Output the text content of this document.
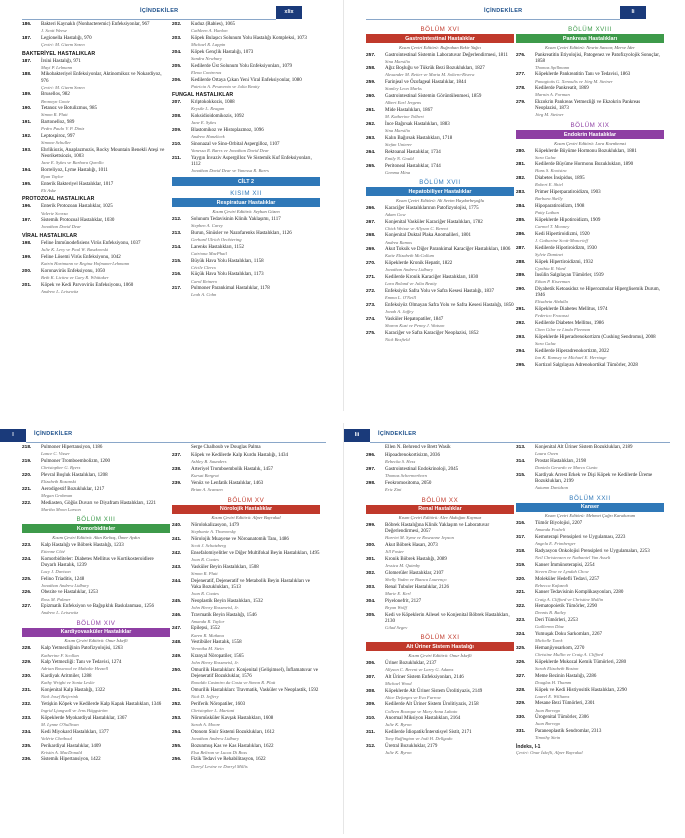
İÇİNDEKİLER	xlix
186. Bakteri Kaynaklı (Nonbacteremic) Enfeksiyonlar, 967
J. Scott Weese
187. Legionella Hastalığı, 970
Çeviri: M. Gizem Sezen
BAKTERİYEL HASTALIKLAR
187. İrsini Hastalığı, 971
Mayi P. Lelmann
188. Mikobakteriyel Enfeksiyonlar, Aktinomikoz ve Nokardiyoz, 976
Çeviri: M. Gizem Sezen
189. Brusellos, 982
Bronwyn Goote
190. Tetanoz ve Botulizmus, 985
Simon R. Platt
191. Bartonelloz, 989
Pedro Paulo V. P. Diniz
192. Leptospiroz, 997
Simone Schuller
193. Ehrlikiozis, Anaplazmozis, Rocky Mountain Benekli Ateşi ve Neorikettsiozis, 1003
Jane E. Sykes ve Barbara Qurollo
194. Borreliyoz, Lyme Hastalığı, 1011
Ryan Taylor
195. Enterik Bakteriyel Hastalıklar, 1017
Eli Aske
PROTOZOAL HASTALIKLAR
196. Enterik Protozoan Hastalıklar, 1025
Valerie Scorza
197. Sistemik Protozoal Hastalıklar, 1030
Jonathan David Dear
VİRAL HASTALIKLAR
198. Feline İmmünodefisiens Virüs Enfeksiyonu, 1037
Julie K. Levy ve Paul W. Baszkowski
199. Feline Lösemi Virüs Enfeksiyonu, 1042
Katrin Hartmann ve Regina Hofmann-Lehmann
200. Koronavirüs Enfeksiyonu, 1050
Beth K. Licitra ve Gary R. Whittaker
201. Köpek ve Kedi Parvovirüs Enfeksiyonu, 1060
Andrew L. Leisewitz
202. Kuduz (Rabies), 1065
Cathleen A. Hanlon
203. Köpek Bulaşıcı Solunum Yolu Hastalığı Kompleksi, 1073
Michael R. Lappin
204. Köpek Gençlik Hastalığı, 1073
Sandra Newbury
205. Kedilerde Üst Solunum Yolu Enfeksiyonları, 1079
Elena Contreras
206. Kedilerde Ortaya Çıkan Yeni Viral Enfeksiyonlar, 1080
Patricia A. Pesavento ve Julia Beatty
FUNGAL HASTALIKLAR
207. Kriptokokkozis, 1088
Krystle L. Reagan
208. Koksidioidomikozis, 1092
Jane E. Sykes
209. Blastomikoz ve Histoplazmoz, 1096
Andrew Hanzlicek
210. Sinonazal ve Sino-Orbital Aspergilloz, 1107
Vanessa R. Barrs ve Jonathan David Dear
211. Yaygın İnvaziv Aspergilloz Ve Sistemik Kuf Enfeksiyonları, 1112
Jonathan David Dear ve Vanessa R. Barrs
CİLT 2
KISIM XII
Respiratuar Hastalıklar
Kısım Çeviri Editörü: Seyhan Gözen
212. Solunum Tedavisinin Klinik Yaklaşımı, 1117
Stephen A. Carey
213. Burun, Sinüsler ve Nazofarenks Hastalıkları, 1126
Gerhard Ulrich Oechtering
214. Larenks Hastalıkları, 1152
Catriona MacPhail
215. Büyük Hava Yolu Hastalıkları, 1158
Cécile Clercx
216. Küçük Hava Yolu Hastalıkları, 1173
Carol Reinero
217. Pulmoner Parankimal Hastalıklar, 1178
Leah A. Cohn
İÇİNDEKİLER	li
BÖLÜM XVI
Gastrointestinal Hastalıklar
Kısım Çeviri Editörü: Buğrahan Bekir Yağcı
257. Gastrointestinal Sistemin Laboratuvar Değerlendirmesi, 1811
Sina Marsilio
258. Ağız Boşluğu ve Tükrük Bezi Bozuklukları, 1827
Alexander M. Reiter ve Maria M. Soltero-Rivera
259. Farinjeal ve Özofageal Hastalıklar, 1844
Stanley Leon Marks
260. Gastrointestinal Sistemin Görüntülenmesi, 1859
Albert Earl Jergens
261. Mide Hastalıkları, 1867
M. Katherine Tolbert
262. İnce Bağırsak Hastalıkları, 1883
Sina Marsilio
263. Kalın Bağırsak Hastalıkları, 1718
Stefan Unterer
264. Rektoanal Hastalıklar, 1734
Emily N. Gould
265. Peritoneal Hastalıklar, 1744
Gemma Mina
BÖLÜM XVII
Hepatobiliyer Hastalıklar
Kısım Çeviri Editörü: Ali Sevim Haydarbeşoğlu
266. Karaciğer Hastalıklarının Patofizyolojisi, 1775
Adam Gow
267. Konjenital Vasküler Karaciğer Hastalıkları, 1782
Chick Weisse ve Allyson C. Berent
268. Konjenital Duktal Plaka Anomalileri, 1801
Andrea Ramos
269. Akut Toksik ve Diğer Parankimal Karaciğer Hastalıkları, 1806
Katie Elizabeth McCallum
270. Köpeklerde Kronik Hepatit, 1822
Jonathan Andrew Lidbury
271. Kedilerde Kronik Karaciğer Hastalıkları, 1830
Lara Boland ve Julia Beatty
272. Enfeksiyöz Safra Yolu ve Safra Kesesi Hastalığı, 1837
Emma L. O'Neill
273. Enfeksiyöz Olmayan Safra Yolu ve Safra Kesesi Hastalığı, 1850
Jonah A. Jaffey
274. Vasküler Hepatopatiler, 1847
Sharon Kuzi ve Penny J. Watson
275. Karaciğer ve Safra Karaciğer Neoplazisi, 1852
Nick Bexfield
BÖLÜM XVIII
Pankreas Hastalıkları
Kısım Çeviri Editörü: Nesrin Sancar, Merve İder
276. Pankreatitin Etiyolojisi, Patogenez ve Patofizyolojik Sonuçlar, 1858
Thomas Spillmann
277. Köpeklerde Pankreatitin Tanı ve Tedavisi, 1863
Panagiotis G. Xenoulis ve Jörg M. Steiner
278. Kedilerde Pankreatit, 1869
Marnin A. Forman
279. Ekzokrin Pankreas Yetmezliği ve Ekzokrin Pankreas Neoplazisi, 1873
Jörg M. Steiner
BÖLÜM XIX
Endokrin Hastalıklar
Kısım Çeviri Editörü: Lora Koenhemsi
280. Köpeklerde Büyüme Hormonu Bozuklukları, 1881
Sara Galac
281. Kedilerde Büyüme Hormonu Bozuklukları, 1890
Hans S. Kooistra
282. Diabetes İnsipidus, 1895
Robert E. Shiel
283. Primer Hiperparatiroidizm, 1903
Barbara Skelly
284. Hipoparatiroidizm, 1908
Patty Lathan
285. Köpeklerde Hipotiroidizm, 1909
Carmel T. Mooney
286. Kedi Hipertiroidizmi, 1920
J. Catharine Scott-Moncrieff
287. Kedilerde Hipotiroidizm, 1930
Sylvie Daminet
288. Köpek Hipertiroidizmi, 1932
Cynthia R. Ward
289. İnsülin Salgılayan Tümörler, 1939
Ethan P. Kiseeman
290. Diyabetik Ketoasidoz ve Hiperozmolar Hiperglisemik Durum, 1946
Elisabeta Abdulla
291. Köpeklerde Diabetes Mellitus, 1974
Federico Fracassi
292. Kedilerde Diabetes Mellitus, 1986
Chen Gilor ve Linda Fleeman
293. Köpeklerde Hiperadrenokortizm (Cushing Sendromu), 2008
Sara Galac
294. Kedilerde Hiperadrenokortizm, 2022
Ian K. Ramsey ve Michael E. Herrtage
295. Kortizol Salgılayan Adrenokortikal Tümörler, 2028
İÇİNDEKİLER
l
218. Pulmoner Hipertansiyon, 1186
Lance C. Visser
219. Pulmoner Tromboembolizm, 1200
Christopher G. Byers
220. Plevral Boşluk Hastalıkları, 1208
Elizabeth Rozanski
221. Aerodigestif Bozukluklar, 1217
Megan Grobman
222. Mediasten, Göğüs Duvarı ve Diyafram Hastalıkları, 1221
Martha Moon Larson
BÖLÜM XIII
Komorbiditeler
Kısım Çeviri Editörü: Akın Kırbaş, Ömer Aydın
223. Kalp Hastalığı ve Böbrek Hastalığı, 1233
Etienne Côté
224. Komorbiditeler: Diabetes Mellitus ve Kortikosteroidlere Duyarlı Hastalık, 1239
Lucy J. Davison
225. Felino Triaditis, 1248
Jonathan Andrew Lidbury
226. Obezite ve Hastalıklar, 1253
Ross M. Palmer
227. Epizmatik Enfeksiyon ve Bağışıklık Baskılanması, 1256
Andrew L. Leisewitz
BÖLÜM XIV
Kardiyovasküler Hastalıklar
Kısım Çeviri Editörü: Onur İskefli
228. Kalp Yetmezliğinin Patofizyolojisi, 1263
Katherine F. Scollan
229. Kalp Yetmezliği: Tanı ve Tedavisi, 1274
Adrian Boswood ve Mahalie Hezzell
230. Kardiyak Aritmiler, 1288
Kathy Wright ve Sonia Leslie
231. Konjenital Kalp Hastalığı, 1322
Niek Josef Beijerink
232. Yetişkin Köpek ve Kedilerde Kalp Kapak Hastalıkları, 1346
Ingrid Ljungvall ve Jens Häggström
233. Köpeklerde Myokardiyal Hastalıklar, 1367
M. Lynne O'Sullivan
234. Kedi Miyokard Hastalıkları, 1377
Valérie Chetboul
235. Perikardiyal Hastalıklar, 1409
Kristin A. MacDonald
236. Sistemik Hipertansiyon, 1422
Serge Chalhoub ve Douglas Palma
237. Köpek ve Kedilerde Kalp Kurdu Hastalığı, 1434
Ashley B. Saunders
238. Arteriyel Tromboembolik Hastalık, 1457
Kursat Bergrat
239. Venöz ve Lenfatik Hastalıklar, 1463
Brian A. Scansen
BÖLÜM XV
Nörolojik Hastalıklar
Kısım Çeviri Editörü: Alper Bayrakal
240. Nörolokalizasyon, 1479
Stephanie A. Thomovsky
241. Nörolojik Muayene ve Nöroanatomik Tanı, 1486
Scott J. Schatzberg
242. Ensefalomiyelitler ve Diğer Multifokal Beyin Hastalıkları, 1495
Joan R. Coates
243. Vasküler Beyin Hastalıkları, 1508
Simon R. Platt
244. Dejeneratif, Dejeneratif ve Metabolik Beyin Hastalıkları ve Vaka Bozuklukları, 1513
Joan R. Coates
245. Neoplastik Beyin Hastalıkları, 1532
John Henry Rossmeisl, Jr.
246. Travmatik Beyin Hastalığı, 1546
Amanda R. Taylor
247. Epilepsi, 1552
Karen R. Muñana
248. Vestibüler Hastalık, 1558
Veronika M. Stein
249. Kranyal Nöropatiler, 1565
John Henry Rossmeisl, Jr.
250. Omurilik Hastalıkları: Konjenital (Gelişimsel), İnflamatuvar ve Dejeneratif Bozukluklar, 1576
Ronaldo Casimiro da Costa ve Simon R. Platt
251. Omurilik Hastalıkları: Travmatik, Vasküler ve Neoplastik, 1592
Nick D. Jeffery
252. Periferik Nöropatiler, 1603
Christopher L. Mariani
253. Nöromüsküler Kavşak Hastalıkları, 1608
Sarah A. Moore
254. Otonom Sinir Sistemi Bozuklukları, 1612
Jonathan Andrew Lidbury
255. Bozunmuş Kas ve Kas Hastalıkları, 1622
Elsa Beltran ve Lucas Di Boss
256. Fizik Tedavi ve Rehabilitasyon, 1622
Darryl Levine ve Darryl Millis
İÇİNDEKİLER
lii
Ellen N. Behrend ve Brett Wasik
296. Hipoadrenokortisizm, 2036
Rebecka S. Hess
297. Gastrointestinal Endokrinoloji, 2045
Thomas Schermerhorn
298. Feokromositoma, 2050
Eric Zini
BÖLÜM XX
Renal Hastalıklar
Kısım Çeviri Editörü: Alev Akdoğan Kaymaz
299. Böbrek Hastalığına Klinik Yaklaşım ve Laboratuvar Değerlendirmesi, 2057
Harriet M. Syme ve Roseanne Jepson
300. Akut Böbrek Hasarı, 2073
Jill Foster
301. Kronik Böbrek Hastalığı, 2089
Jessica M. Quimby
302. Glomerüler Hastalıklar, 2107
Shelly Vaden ve Bianca Lourenço
303. Renal Tubuler Hastalıklar, 2126
Marie E. Kerl
304. Piyelonefrit, 2127
Bryan Wolff
305. Kedi ve Köpeklerin Ailesel ve Konjenital Böbrek Hastalıkları, 2130
Gilad Segev
BÖLÜM XXI
Alt Üriner Sistem Hastalığı
Kısım Çeviri Editörü: Onur İskefli
306. Üriner Bozukluklar, 2137
Allyson C. Berent ve Larry G. Adams
307. Alt Üriner Sistem Enfeksiyonları, 2146
Michael Wood
308. Köpeklerde Alt Üriner Sistem Ürolitiyazis, 2149
Alice Defarges ve Eva Furrow
309. Kedilerde Alt Üriner Sistem Ürolitiyazis, 2158
Colleen Bourque ve Mary Anna Labato
310. Anormal Miksiyon Hastalıkları, 2164
Julie K. Byron
311. Kedilerde İdiopatik/İnterstisyel Sistit, 2171
Tony Buffington ve Jodi H. Dellgado
312. Üretral Bozukluklar, 2179
Julie K. Byron
313. Konjenital Alt Üriner Sistem Bozuklukları, 2189
Laura Owen
314. Prostat Hastalıkları, 2198
Daniela Gerardo ve Marco Cunto
315. Kardiyak Arrest Erkek ve Dişi Köpek ve Kedilerde Üreme Bozuklukları, 2199
Autumn Davidson
BÖLÜM XXII
Kanser
Kısım Çeviri Editörü: Mehmet Çağrı Karakurum
316. Tümör Biyolojisi, 2207
Amanda Fosbeli
317. Kemoterapi Prensipleri ve Uygulaması, 2223
Angela E. Frimberger
318. Radyasyon Onkolojisi Prensipleri ve Uygulamaları, 2253
Neil Christensen ve Nathaniel Van Asselt
319. Kanser İmmünoterapisi, 2254
Steven Dow ve Lyndah Chow
320. Moleküler Hedefli Tedavi, 2257
Rebecca Kafazedi
321. Kanser Tedavisinin Komplikasyonları, 2280
Craig A. Clifford ve Christine Mullin
322. Hematopoietik Tümörler, 2290
Dennis B. Bailey
323. Deri Tümörleri, 2253
Guillermo Díaz
324. Yumuşak Doku Sarkomları, 2267
Michelle Turek
325. Hemanjiyosarkom, 2270
Christine Mullin ve Craig A. Clifford
326. Köpeklerde Mukozal Kemik Tümörleri, 2280
Sarah Elizabeth Boston
327. Meme Bezinin Hastalığı, 2286
Douglas H. Thamm
328. Köpek ve Kedi Histiyositik Hastalıkları, 2290
Laurel E. Williams
329. Mesane Bezi Tümörleri, 2301
Juan Borrego
330. Ürogenital Tümörler, 2306
Juan Borrego
331. Paraneoplastik Sendromlar, 2313
Timothy Stein
İndeks, I-1
Çeviri: Onur İskefli, Alper Bayrakal
